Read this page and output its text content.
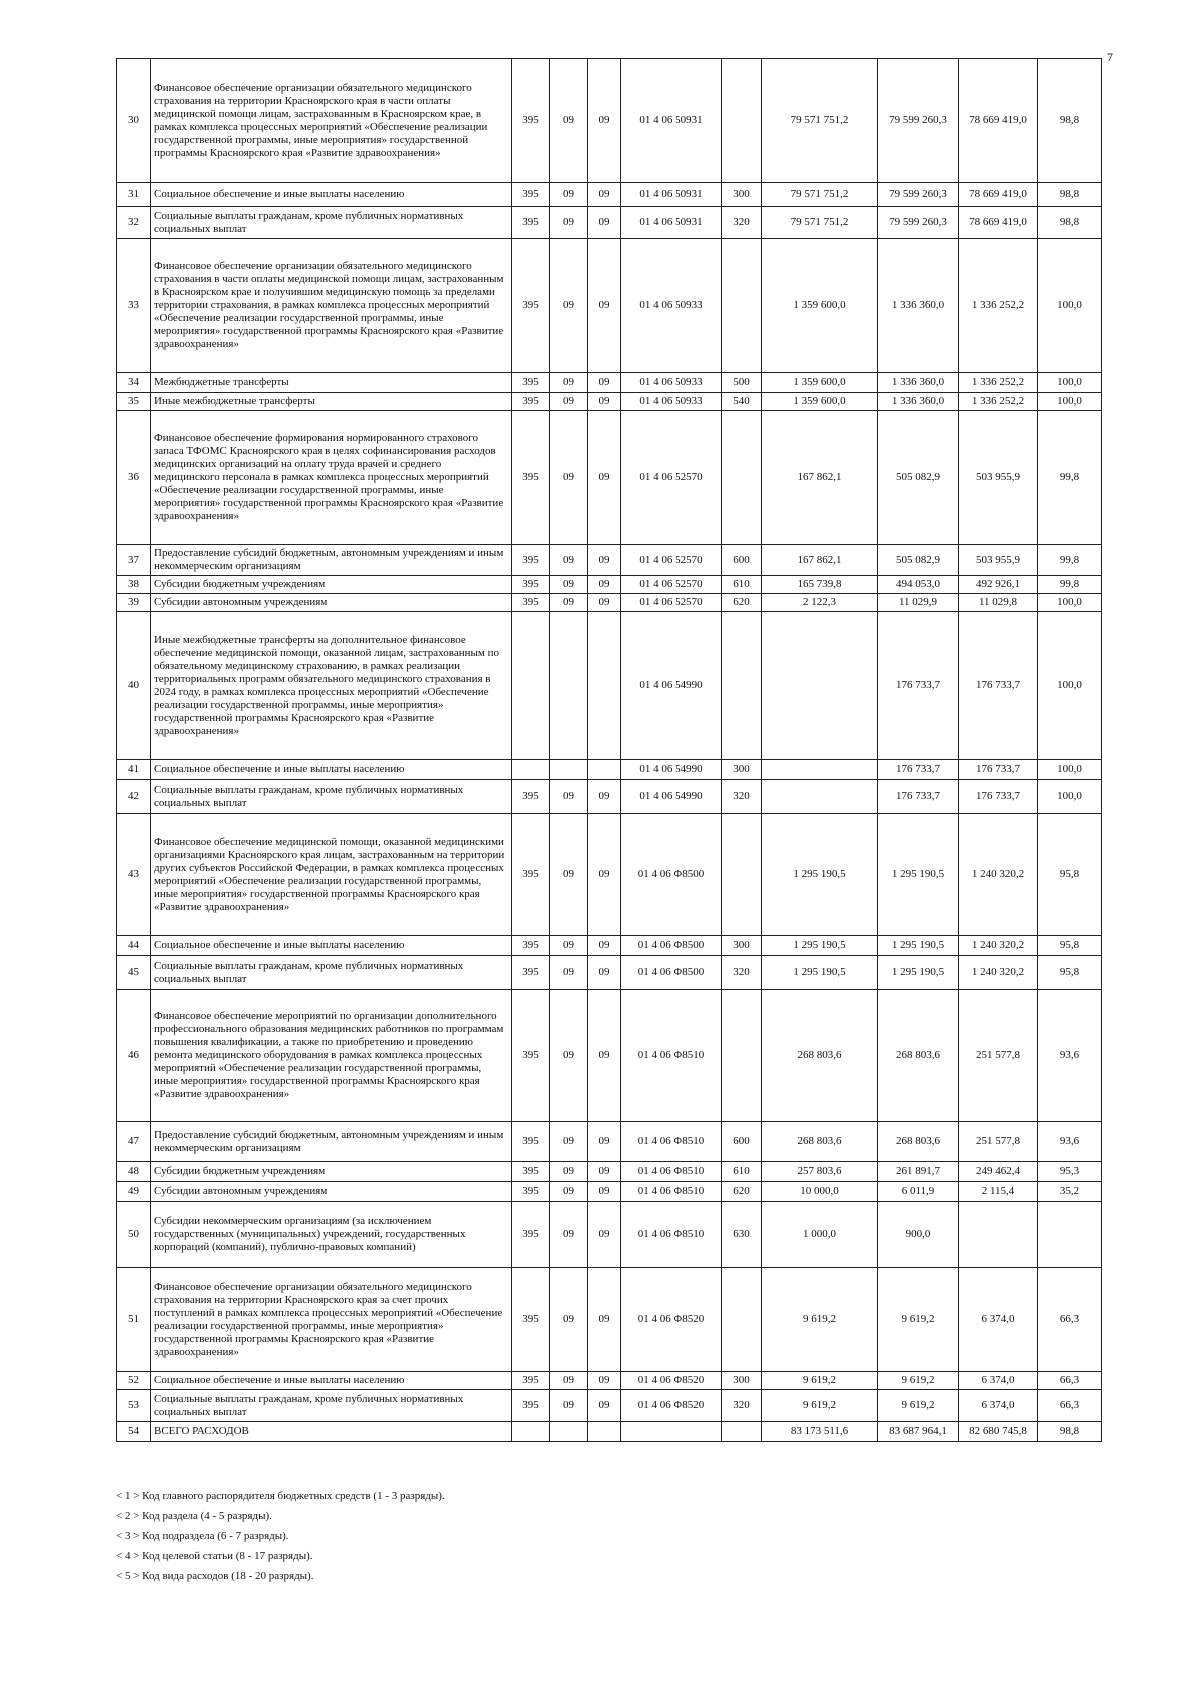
7
30	Финансовое обеспечение организации обязательного медицинского страхования на территории Красноярского края в части оплаты медицинской помощи лицам, застрахованным в Красноярском крае, в рамках комплекса процессных мероприятий «Обеспечение реализации государственной программы, иные мероприятия» государственной программы Красноярского края «Развитие здравоохранения»	395	09	09	01 4 06 50931		79 571 751,2	79 599 260,3	78 669 419,0	98,8
31	Социальное обеспечение и иные выплаты населению	395	09	09	01 4 06 50931	300	79 571 751,2	79 599 260,3	78 669 419,0	98,8
32	Социальные выплаты гражданам, кроме публичных нормативных социальных выплат	395	09	09	01 4 06 50931	320	79 571 751,2	79 599 260,3	78 669 419,0	98,8
33	Финансовое обеспечение организации обязательного медицинского страхования в части оплаты медицинской помощи лицам, застрахованным в Красноярском крае и получившим медицинскую помощь за пределами территории страхования, в рамках комплекса процессных мероприятий «Обеспечение реализации государственной программы, иные мероприятия» государственной программы Красноярского края «Развитие здравоохранения»	395	09	09	01 4 06 50933		1 359 600,0	1 336 360,0	1 336 252,2	100,0
34	Межбюджетные трансферты	395	09	09	01 4 06 50933	500	1 359 600,0	1 336 360,0	1 336 252,2	100,0
35	Иные межбюджетные трансферты	395	09	09	01 4 06 50933	540	1 359 600,0	1 336 360,0	1 336 252,2	100,0
36	Финансовое обеспечение формирования нормированного страхового запаса ТФОМС Красноярского края в целях софинансирования расходов медицинских организаций на оплату труда врачей и среднего медицинского персонала в рамках комплекса процессных мероприятий «Обеспечение реализации государственной программы, иные мероприятия» государственной программы Красноярского края «Развитие здравоохранения»	395	09	09	01 4 06 52570		167 862,1	505 082,9	503 955,9	99,8
37	Предоставление субсидий бюджетным, автономным учреждениям и иным некоммерческим организациям	395	09	09	01 4 06 52570	600	167 862,1	505 082,9	503 955,9	99,8
38	Субсидии бюджетным учреждениям	395	09	09	01 4 06 52570	610	165 739,8	494 053,0	492 926,1	99,8
39	Субсидии автономным учреждениям	395	09	09	01 4 06 52570	620	2 122,3	11 029,9	11 029,8	100,0
40	Иные межбюджетные трансферты на дополнительное финансовое обеспечение медицинской помощи, оказанной лицам, застрахованным по обязательному медицинскому страхованию, в рамках реализации территориальных программ обязательного медицинского страхования в 2024 году, в рамках комплекса процессных мероприятий «Обеспечение реализации государственной программы, иные мероприятия» государственной программы Красноярского края «Развитие здравоохранения»				01 4 06 54990			176 733,7	176 733,7	100,0
41	Социальное обеспечение и иные выплаты населению				01 4 06 54990	300		176 733,7	176 733,7	100,0
42	Социальные выплаты гражданам, кроме публичных нормативных социальных выплат	395	09	09	01 4 06 54990	320		176 733,7	176 733,7	100,0
43	Финансовое обеспечение медицинской помощи, оказанной медицинскими организациями Красноярского края лицам, застрахованным на территории других субъектов Российской Федерации, в рамках комплекса процессных мероприятий «Обеспечение реализации государственной программы, иные мероприятия» государственной программы Красноярского края «Развитие здравоохранения»	395	09	09	01 4 06 Ф8500		1 295 190,5	1 295 190,5	1 240 320,2	95,8
44	Социальное обеспечение и иные выплаты населению	395	09	09	01 4 06 Ф8500	300	1 295 190,5	1 295 190,5	1 240 320,2	95,8
45	Социальные выплаты гражданам, кроме публичных нормативных социальных выплат	395	09	09	01 4 06 Ф8500	320	1 295 190,5	1 295 190,5	1 240 320,2	95,8
46	Финансовое обеспечение мероприятий по организации дополнительного профессионального образования медицинских работников по программам повышения квалификации, а также по приобретению и проведению ремонта медицинского оборудования в рамках комплекса процессных мероприятий «Обеспечение реализации государственной программы, иные мероприятия» государственной программы Красноярского края «Развитие здравоохранения»	395	09	09	01 4 06 Ф8510		268 803,6	268 803,6	251 577,8	93,6
47	Предоставление субсидий бюджетным, автономным учреждениям и иным некоммерческим организациям	395	09	09	01 4 06 Ф8510	600	268 803,6	268 803,6	251 577,8	93,6
48	Субсидии бюджетным учреждениям	395	09	09	01 4 06 Ф8510	610	257 803,6	261 891,7	249 462,4	95,3
49	Субсидии автономным учреждениям	395	09	09	01 4 06 Ф8510	620	10 000,0	6 011,9	2 115,4	35,2
50	Субсидии некоммерческим организациям (за исключением государственных (муниципальных) учреждений, государственных корпораций (компаний), публично-правовых компаний)	395	09	09	01 4 06 Ф8510	630	1 000,0	900,0		
51	Финансовое обеспечение организации обязательного медицинского страхования на территории Красноярского края за счет прочих поступлений в рамках комплекса процессных мероприятий «Обеспечение реализации государственной программы, иные мероприятия» государственной программы Красноярского края «Развитие здравоохранения»	395	09	09	01 4 06 Ф8520		9 619,2	9 619,2	6 374,0	66,3
52	Социальное обеспечение и иные выплаты населению	395	09	09	01 4 06 Ф8520	300	9 619,2	9 619,2	6 374,0	66,3
53	Социальные выплаты гражданам, кроме публичных нормативных социальных выплат	395	09	09	01 4 06 Ф8520	320	9 619,2	9 619,2	6 374,0	66,3
54	ВСЕГО РАСХОДОВ						83 173 511,6	83 687 964,1	82 680 745,8	98,8
< 1 > Код главного распорядителя бюджетных средств (1 - 3 разряды).
< 2 > Код раздела (4 - 5 разряды).
< 3 > Код подраздела (6 - 7 разряды).
< 4 > Код целевой статьи (8 - 17 разряды).
< 5 > Код вида расходов (18 - 20 разряды).
